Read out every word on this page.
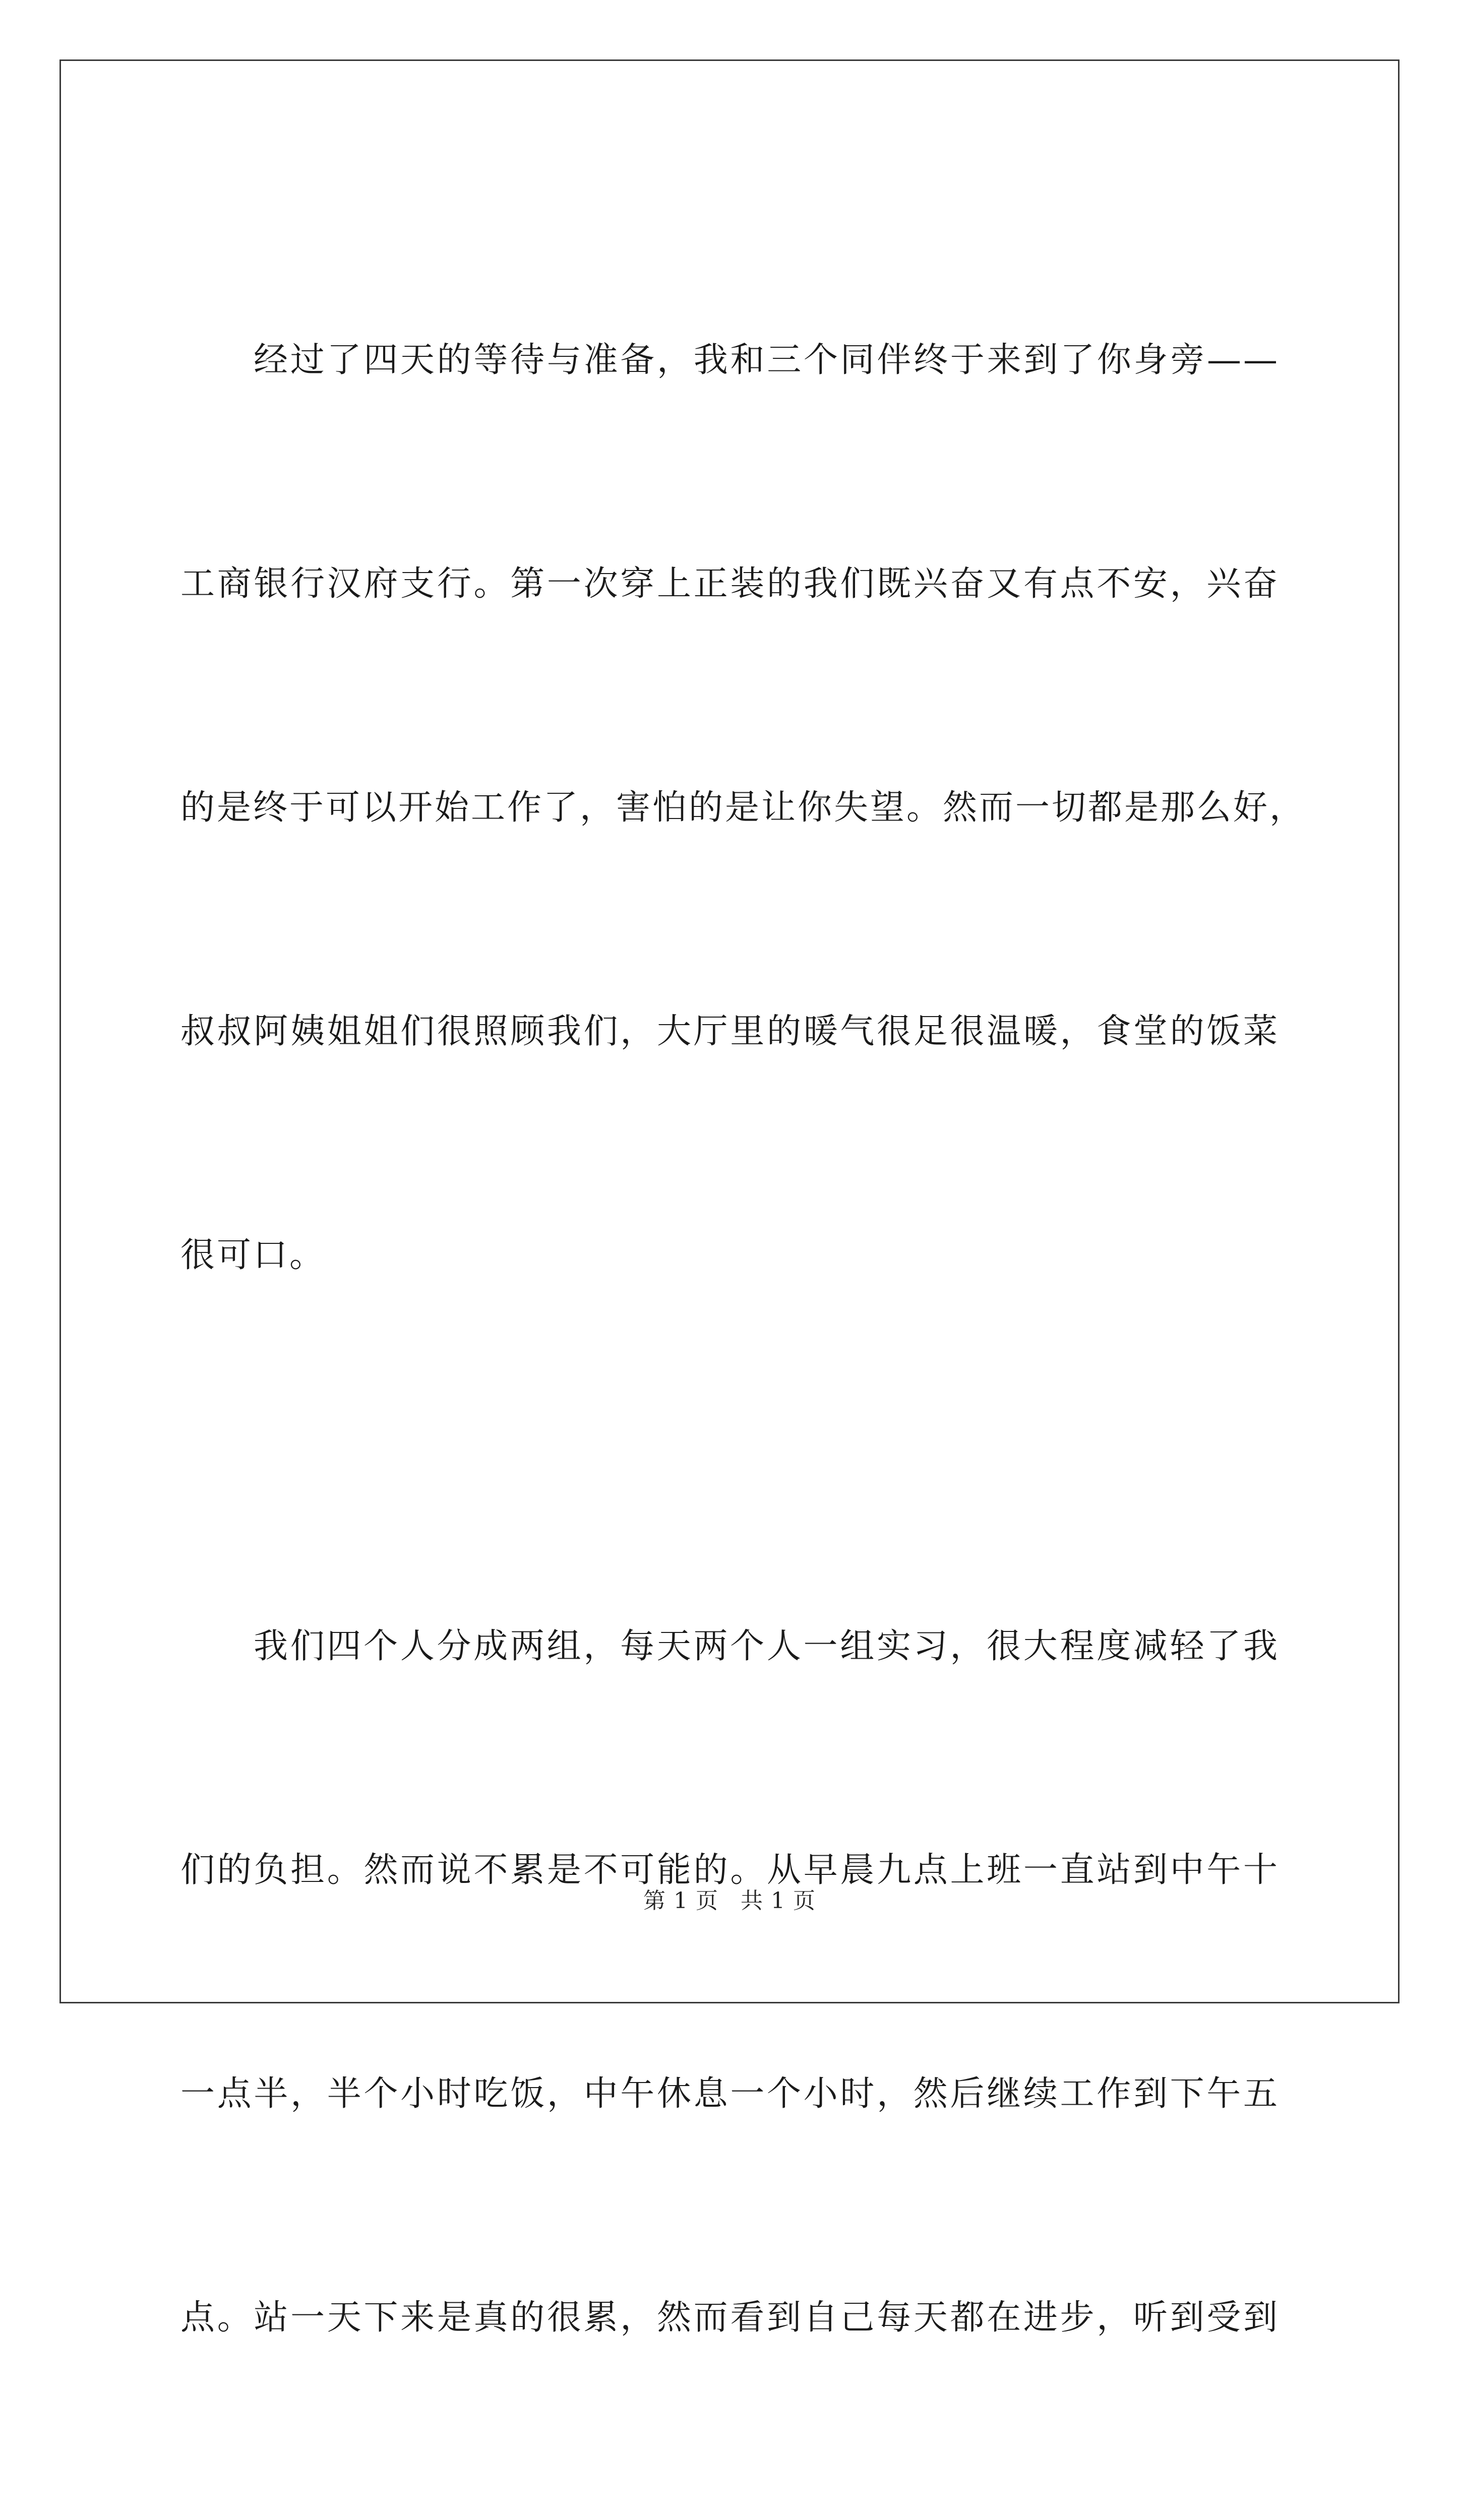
经过了四天的等待与准备，我和三个同伴终于来到了你身旁——

工商银行汉府支行。第一次穿上正装的我们既兴奋又有点不安，兴奋

的是终于可以开始工作了，害怕的是让你失望。然而一切都是那么好，

叔叔阿姨姐姐们很照顾我们，大厅里的暖气很足很温暖，食堂的饭菜

很可口。

我们四个人分成两组，每天两个人一组实习，很大程度减轻了我

们的负担。然而说不累是不可能的。从早晨九点上班一直站到中午十

一点半，半个小时吃饭，中午休息一个小时，然后继续工作到下午五

点。站一天下来是真的很累，然而看到自己每天都在进步，听到受到

第 1 页 共 1 页
